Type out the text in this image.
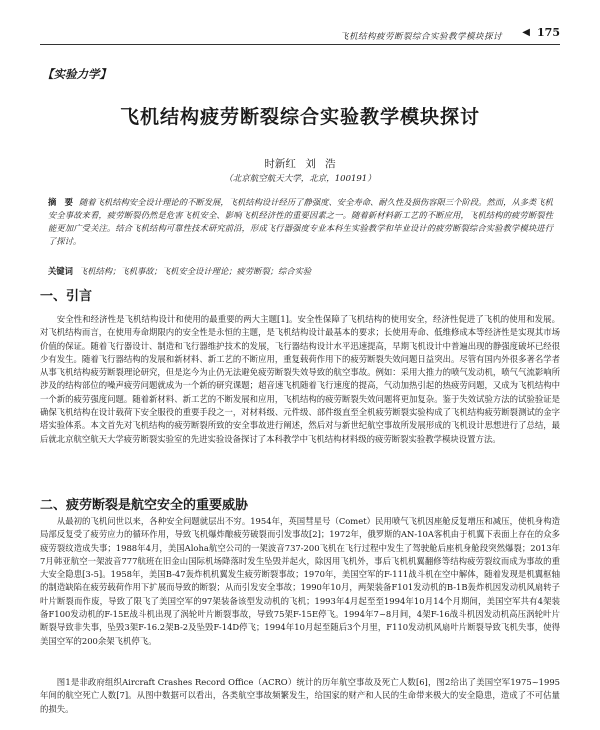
飞机结构疲劳断裂综合实验教学模块探讨 ◀ 175
【实验力学】
飞机结构疲劳断裂综合实验教学模块探讨
时新红 刘 浩
（北京航空航天大学，北京，100191）
摘　要 随着飞机结构安全设计理论的不断发展，飞机结构设计经历了静强度、安全寿命、耐久性及损伤容限三个阶段。然而，从多类飞机安全事故来看，疲劳断裂仍然是危害飞机安全、影响飞机经济性的重要因素之一。随着新材料新工艺的不断应用，飞机结构的疲劳断裂性能更加广受关注。结合飞机结构可靠性技术研究前沿，形成飞行器强度专业本科生实验教学和毕业设计的疲劳断裂综合实验教学模块进行了探讨。
关键词 飞机结构；飞机事故；飞机安全设计理论；疲劳断裂；综合实验
一、引言
安全性和经济性是飞机结构设计和使用的最重要的两大主题[1]。安全性保障了飞机结构的使用安全，经济性促进了飞机的使用和发展。对飞机结构而言，在使用寿命期限内的安全性是永恒的主题，是飞机结构设计最基本的要求；长使用寿命、低维修成本等经济性是实现其市场价值的保证。随着飞行器设计、制造和飞行器维护技术的发展，飞行器结构设计水平迅速提高，早期飞机设计中普遍出现的静强度破坏已经很少有发生。随着飞行器结构的发展和新材料、新工艺的不断应用，重复载荷作用下的疲劳断裂失效问题日益突出。尽管有国内外很多著名学者从事飞机结构疲劳断裂理论研究，但是迄今为止仍无法避免疲劳断裂失效导致的航空事故。例如：采用大推力的喷气发动机，喷气气流影响所涉及的结构部位的噪声疲劳问题就成为一个新的研究课题；超音速飞机随着飞行速度的提高，气动加热引起的热疲劳问题，又成为飞机结构中一个新的疲劳强度问题。随着新材料、新工艺的不断发展和应用，飞机结构的疲劳断裂失效问题将更加复杂。鉴于失效试验方法的试验验证是确保飞机结构在设计载荷下安全服役的重要手段之一，对材料级、元件级、部件级直至全机疲劳断裂实验构成了飞机结构疲劳断裂测试的金字塔实验体系。本文首先对飞机结构的疲劳断裂所致的安全事故进行阐述，然后对与新世纪航空事故所发展形成的飞机设计思想进行了总结，最后就北京航空航天大学疲劳断裂实验室的先进实验设备探讨了本科教学中飞机结构材料级的疲劳断裂实验教学模块设置方法。
二、疲劳断裂是航空安全的重要威胁
从最初的飞机问世以来，各种安全问题就层出不穷。1954年，英国彗星号（Comet）民用喷气飞机因座舱反复增压和减压，使机身构造局部反复受了疲劳应力的循环作用，导致飞机爆炸酿疲劳破裂而引发事故[2]；1972年，俄罗斯的AN-10A客机由于机翼下表面上存在的众多疲劳裂纹造成失事；1988年4月，美国Aloha航空公司的一架波音737-200飞机在飞行过程中发生了驾驶舱后座机身舱段突然爆裂；2013年7月韩亚航空一架波音777航班在旧金山国际机场降落时发生坠毁并起火，除因用飞机外，事后飞机机翼翻修等结构疲劳裂纹而成为事故的重大安全隐患[3-5]。1958年，美国B-47轰炸机机翼发生疲劳断裂事故；1970年，美国空军的F-111战斗机在空中解体，随着发现是机翼枢轴的制造缺陷在疲劳载荷作用下扩展而导致的断裂；从而引发安全事故；1990年10月，两架装备F101发动机的B-1B轰炸机因发动机风扇转子叶片断裂而作废，导致了限飞了美国空军的97架装备该型发动机的飞机；1993年4月起至至1994年10月14个月期间，美国空军共有4架装备F100发动机的F-15E战斗机出现了涡轮叶片断裂事故，导致75架F-15E停飞。1994年7~8月间，4架F-16战斗机因发动机高压涡轮叶片断裂导致非失事，坠毁3架F-16.2架B-2及坠毁F-14D停飞；1994年10月起至随后3个月里，F110发动机风扇叶片断裂导致飞机失事，使得美国空军的200余架飞机停飞。
图1是非政府组织Aircraft Crashes Record Office（ACRO）统计的历年航空事故及死亡人数[6]，图2给出了美国空军1975~1995年间的航空死亡人数[7]。从图中数据可以看出，各类航空事故频繁发生，给国家的财产和人民的生命带来极大的安全隐患，造成了不可估量的损失。
